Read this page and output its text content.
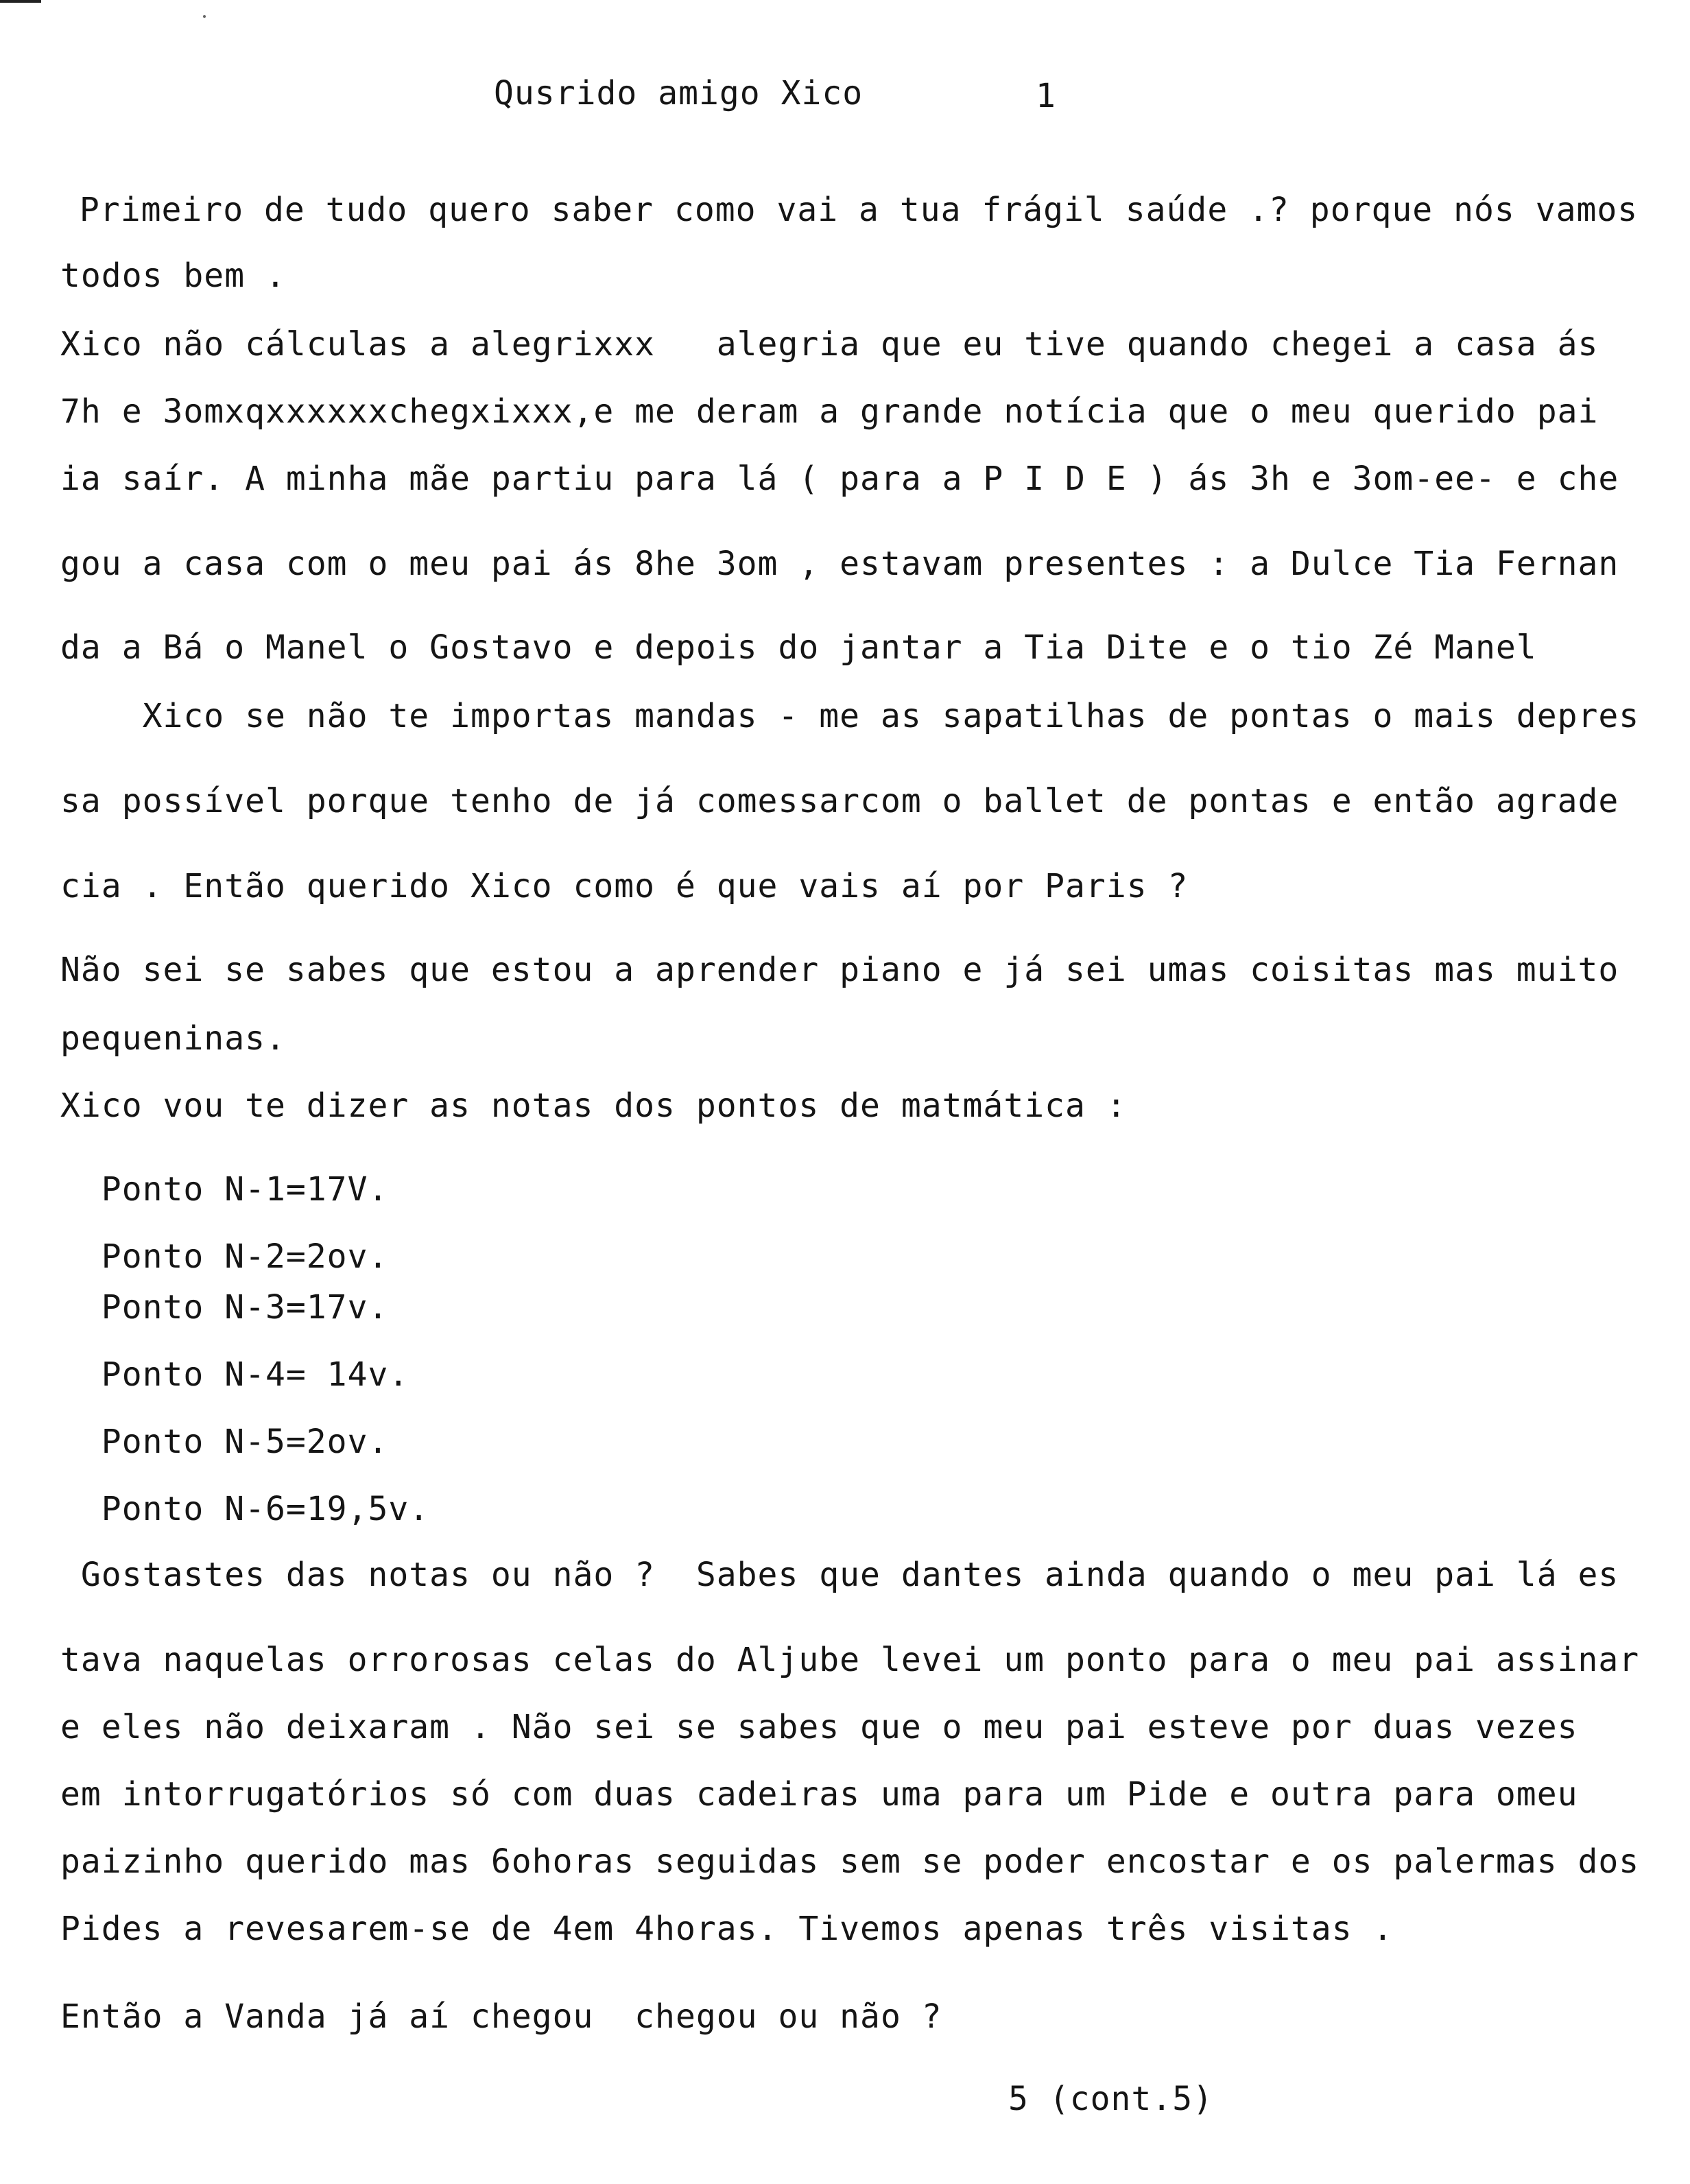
Qusrido amigo Xico	1
Primeiro de tudo quero saber como vai a tua frágil saúde .? porque nós vamos
todos bem .
Xico não cálculas a alegrixxx   alegria que eu tive quando chegei a casa ás
7h e 3omxqxxxxxxchegxixxx,e me deram a grande notícia que o meu querido pai
ia saír. A minha mãe partiu para lá ( para a P I D E ) ás 3h e 3om-ee- e che
gou a casa com o meu pai ás 8he 3om , estavam presentes : a Dulce Tia Fernan
da a Bá o Manel o Gostavo e depois do jantar a Tia Dite e o tio Zé Manel
Xico se não te importas mandas - me as sapatilhas de pontas o mais depres
sa possível porque tenho de já comessarcom o ballet de pontas e então agrade
cia . Então querido Xico como é que vais aí por Paris ?
Não sei se sabes que estou a aprender piano e já sei umas coisitas mas muito
pequeninas.
Xico vou te dizer as notas dos pontos de matmática :
Ponto N-1=17V.
Ponto N-2=2ov.
Ponto N-3=17v.
Ponto N-4= 14v.
Ponto N-5=2ov.
Ponto N-6=19,5v.
Gostastes das notas ou não ?  Sabes que dantes ainda quando o meu pai lá es
tava naquelas orrorosas celas do Aljube levei um ponto para o meu pai assinar
e eles não deixaram . Não sei se sabes que o meu pai esteve por duas vezes
em intorrugatórios só com duas cadeiras uma para um Pide e outra para omeu
paizinho querido mas 6ohoras seguidas sem se poder encostar e os palermas dos
Pides a revesarem-se de 4em 4horas. Tivemos apenas três visitas .
Então a Vanda já aí chegou  chegou ou não ?
5 (cont.5)
